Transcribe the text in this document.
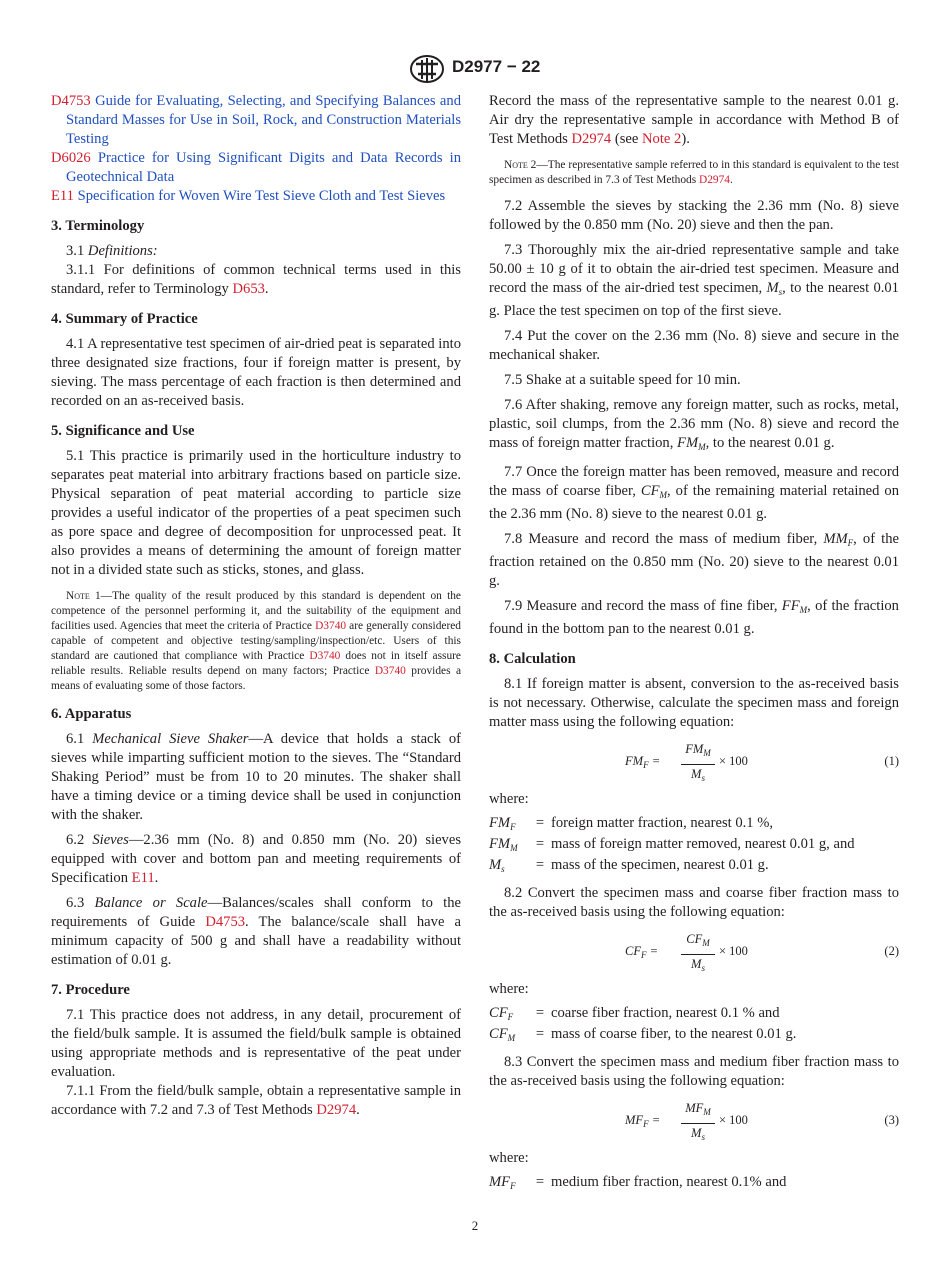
D2977 − 22

D4753 Guide for Evaluating, Selecting, and Specifying Balances and Standard Masses for Use in Soil, Rock, and Construction Materials Testing

D6026 Practice for Using Significant Digits and Data Records in Geotechnical Data

E11 Specification for Woven Wire Test Sieve Cloth and Test Sieves

3. Terminology

3.1 Definitions:

3.1.1 For definitions of common technical terms used in this standard, refer to Terminology D653.

4. Summary of Practice

4.1 A representative test specimen of air-dried peat is separated into three designated size fractions, four if foreign matter is present, by sieving. The mass percentage of each fraction is then determined and recorded on an as-received basis.

5. Significance and Use

5.1 This practice is primarily used in the horticulture industry to separates peat material into arbitrary fractions based on particle size. Physical separation of peat material according to particle size provides a useful indicator of the properties of a peat specimen such as pore space and degree of decomposition for unprocessed peat. It also provides a means of determining the amount of foreign matter not in a divided state such as sticks, stones, and glass.

Note 1—The quality of the result produced by this standard is dependent on the competence of the personnel performing it, and the suitability of the equipment and facilities used. Agencies that meet the criteria of Practice D3740 are generally considered capable of competent and objective testing/sampling/inspection/etc. Users of this standard are cautioned that compliance with Practice D3740 does not in itself assure reliable results. Reliable results depend on many factors; Practice D3740 provides a means of evaluating some of those factors.

6. Apparatus

6.1 Mechanical Sieve Shaker—A device that holds a stack of sieves while imparting sufficient motion to the sieves. The “Standard Shaking Period” must be from 10 to 20 minutes. The shaker shall have a timing device or a timing device shall be used in conjunction with the shaker.

6.2 Sieves—2.36 mm (No. 8) and 0.850 mm (No. 20) sieves equipped with cover and bottom pan and meeting requirements of Specification E11.

6.3 Balance or Scale—Balances/scales shall conform to the requirements of Guide D4753. The balance/scale shall have a minimum capacity of 500 g and shall have a readability without estimation of 0.01 g.

7. Procedure

7.1 This practice does not address, in any detail, procurement of the field/bulk sample. It is assumed the field/bulk sample is obtained using appropriate methods and is representative of the peat under evaluation.

7.1.1 From the field/bulk sample, obtain a representative sample in accordance with 7.2 and 7.3 of Test Methods D2974.

Record the mass of the representative sample to the nearest 0.01 g. Air dry the representative sample in accordance with Method B of Test Methods D2974 (see Note 2).

Note 2—The representative sample referred to in this standard is equivalent to the test specimen as described in 7.3 of Test Methods D2974.

7.2 Assemble the sieves by stacking the 2.36 mm (No. 8) sieve followed by the 0.850 mm (No. 20) sieve and then the pan.

7.3 Thoroughly mix the air-dried representative sample and take 50.00 ± 10 g of it to obtain the air-dried test specimen. Measure and record the mass of the air-dried test specimen, $M_s$, to the nearest 0.01 g. Place the test specimen on top of the first sieve.

7.4 Put the cover on the 2.36 mm (No. 8) sieve and secure in the mechanical shaker.

7.5 Shake at a suitable speed for 10 min.

7.6 After shaking, remove any foreign matter, such as rocks, metal, plastic, soil clumps, from the 2.36 mm (No. 8) sieve and record the mass of foreign matter fraction, $FM_M$, to the nearest 0.01 g.

7.7 Once the foreign matter has been removed, measure and record the mass of coarse fiber, $CF_M$, of the remaining material retained on the 2.36 mm (No. 8) sieve to the nearest 0.01 g.

7.8 Measure and record the mass of medium fiber, $MM_F$, of the fraction retained on the 0.850 mm (No. 20) sieve to the nearest 0.01 g.

7.9 Measure and record the mass of fine fiber, $FF_M$, of the fraction found in the bottom pan to the nearest 0.01 g.

8. Calculation

8.1 If foreign matter is absent, conversion to the as-received basis is not necessary. Otherwise, calculate the specimen mass and foreign matter mass using the following equation:

$FM_F$ =
$FM_M$
$M_s$
× 100	(1)

where:

$FM_F$	= foreign matter fraction, nearest 0.1 %,
$FM_M$	= mass of foreign matter removed, nearest 0.01 g, and
$M_s$	= mass of the specimen, nearest 0.01 g.

8.2 Convert the specimen mass and coarse fiber fraction mass to the as-received basis using the following equation:

$CF_F$ =
$CF_M$
$M_s$
× 100	(2)

where:

$CF_F$	= coarse fiber fraction, nearest 0.1 % and
$CF_M$	= mass of coarse fiber, to the nearest 0.01 g.

8.3 Convert the specimen mass and medium fiber fraction mass to the as-received basis using the following equation:

$MF_F$ =
$MF_M$
$M_s$
× 100	(3)

where:

$MF_F$	= medium fiber fraction, nearest 0.1% and
2
